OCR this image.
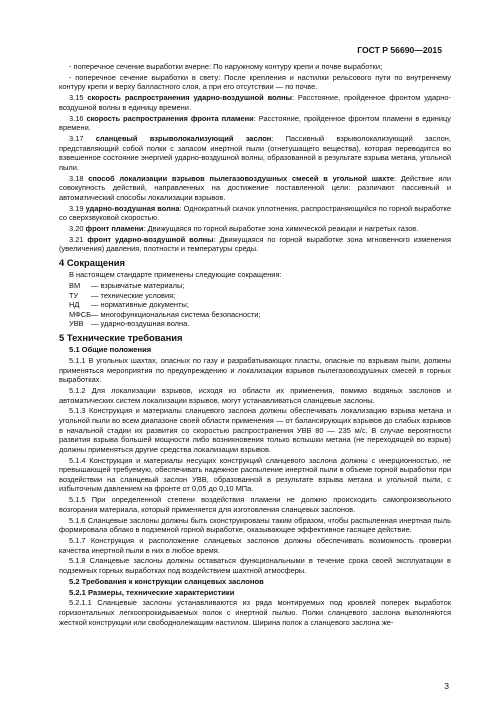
ГОСТ Р 56690—2015

- поперечное сечение выработки вчерне: По наружному контуру крепи и почве выработки;

- поперечное сечение выработки в свету: После крепления и настилки рельсового пути по внутреннему контуру крепи и верху балластного слоя, а при его отсутствии — по почве.

3.15 скорость распространения ударно-воздушной волны: Расстояние, пройденное фронтом ударно-воздушной волны в единицу времени.

3.16 скорость распространения фронта пламени: Расстояние, пройденное фронтом пламени в единицу времени.

3.17 сланцевый взрыволокализующий заслон: Пассивный взрыволокализующий заслон, представляющий собой полки с запасом инертной пыли (огнетушащего вещества), которая переводится во взвешенное состояние энергией ударно-воздушной волны, образованной в результате взрыва метана, угольной пыли.

3.18 способ локализации взрывов пылегазовоздушных смесей в угольной шахте: Действие или совокупность действий, направленных на достижение поставленной цели: различают пассивный и автоматический способы локализации взрывов.

3.19 ударно-воздушная волна: Однократный скачок уплотнения, распространяющийся по горной выработке со сверхзвуковой скоростью.

3.20 фронт пламени: Движущаяся по горной выработке зона химической реакции и нагретых газов.

3.21 фронт ударно-воздушной волны: Движущаяся по горной выработке зона мгновенного изменения (увеличения) давления, плотности и температуры среды.

4 Сокращения

В настоящем стандарте применены следующие сокращения:

ВМ	— взрывчатые материалы;
ТУ	— технические условия;
НД	— нормативные документы;
МФСБ — многофункциональная система безопасности;
УВВ — ударно-воздушная волна.
5 Технические требования
5.1 Общие положения

5.1.1 В угольных шахтах, опасных по газу и разрабатывающих пласты, опасные по взрывам пыли, должны применяться мероприятия по предупреждению и локализации взрывов пылегазовоздушных смесей в горных выработках.

5.1.2 Для локализации взрывов, исходя из области их применения, помимо водяных заслонов и автоматических систем локализации взрывов, могут устанавливаться сланцевые заслоны.

5.1.3 Конструкция и материалы сланцевого заслона должны обеспечивать локализацию взрыва метана и угольной пыли во всем диапазоне своей области применения — от балансирующих взрывов до слабых взрывов в начальной стадии их развития со скоростью распространения УВВ 80 — 235 м/с. В случае вероятности развития взрыва большей мощности либо возникновения только вспышки метана (не переходящей во взрыв) должны применяться другие средства локализации взрывов.

5.1.4 Конструкция и материалы несущих конструкций сланцевого заслона должны с инерционностью, не превышающей требуемую, обеспечивать надежное распыление инертной пыли в объеме горной выработки при воздействии на сланцевый заслон УВВ, образованной в результате взрыва метана и угольной пыли, с избыточным давлением на фронте от 0,05 до 0,10 МПа.

5.1.5 При определенной степени воздействия пламени не должно происходить самопроизвольного возгорания материала, который применяется для изготовления сланцевых заслонов.

5.1.6 Сланцевые заслоны должны быть сконструированы таким образом, чтобы распыленная инертная пыль формировала облако в подземной горной выработке, оказывающее эффективное гасящее действие.

5.1.7 Конструкция и расположение сланцевых заслонов должны обеспечивать возможность проверки качества инертной пыли в них в любое время.

5.1.8 Сланцевые заслоны должны оставаться функциональными в течение срока своей эксплуатации в подземных горных выработках под воздействием шахтной атмосферы.

5.2 Требования к конструкции сланцевых заслонов
5.2.1 Размеры, технические характеристики

5.2.1.1 Сланцевые заслоны устанавливаются из ряда монтируемых под кровлей поперек выработок горизонтальных легкоопрокидываемых полок с инертной пылью. Полки сланцевого заслона выполняются жесткой конструкции или свободнолежащим настилом. Ширина полок а сланцевого заслона же-

3
